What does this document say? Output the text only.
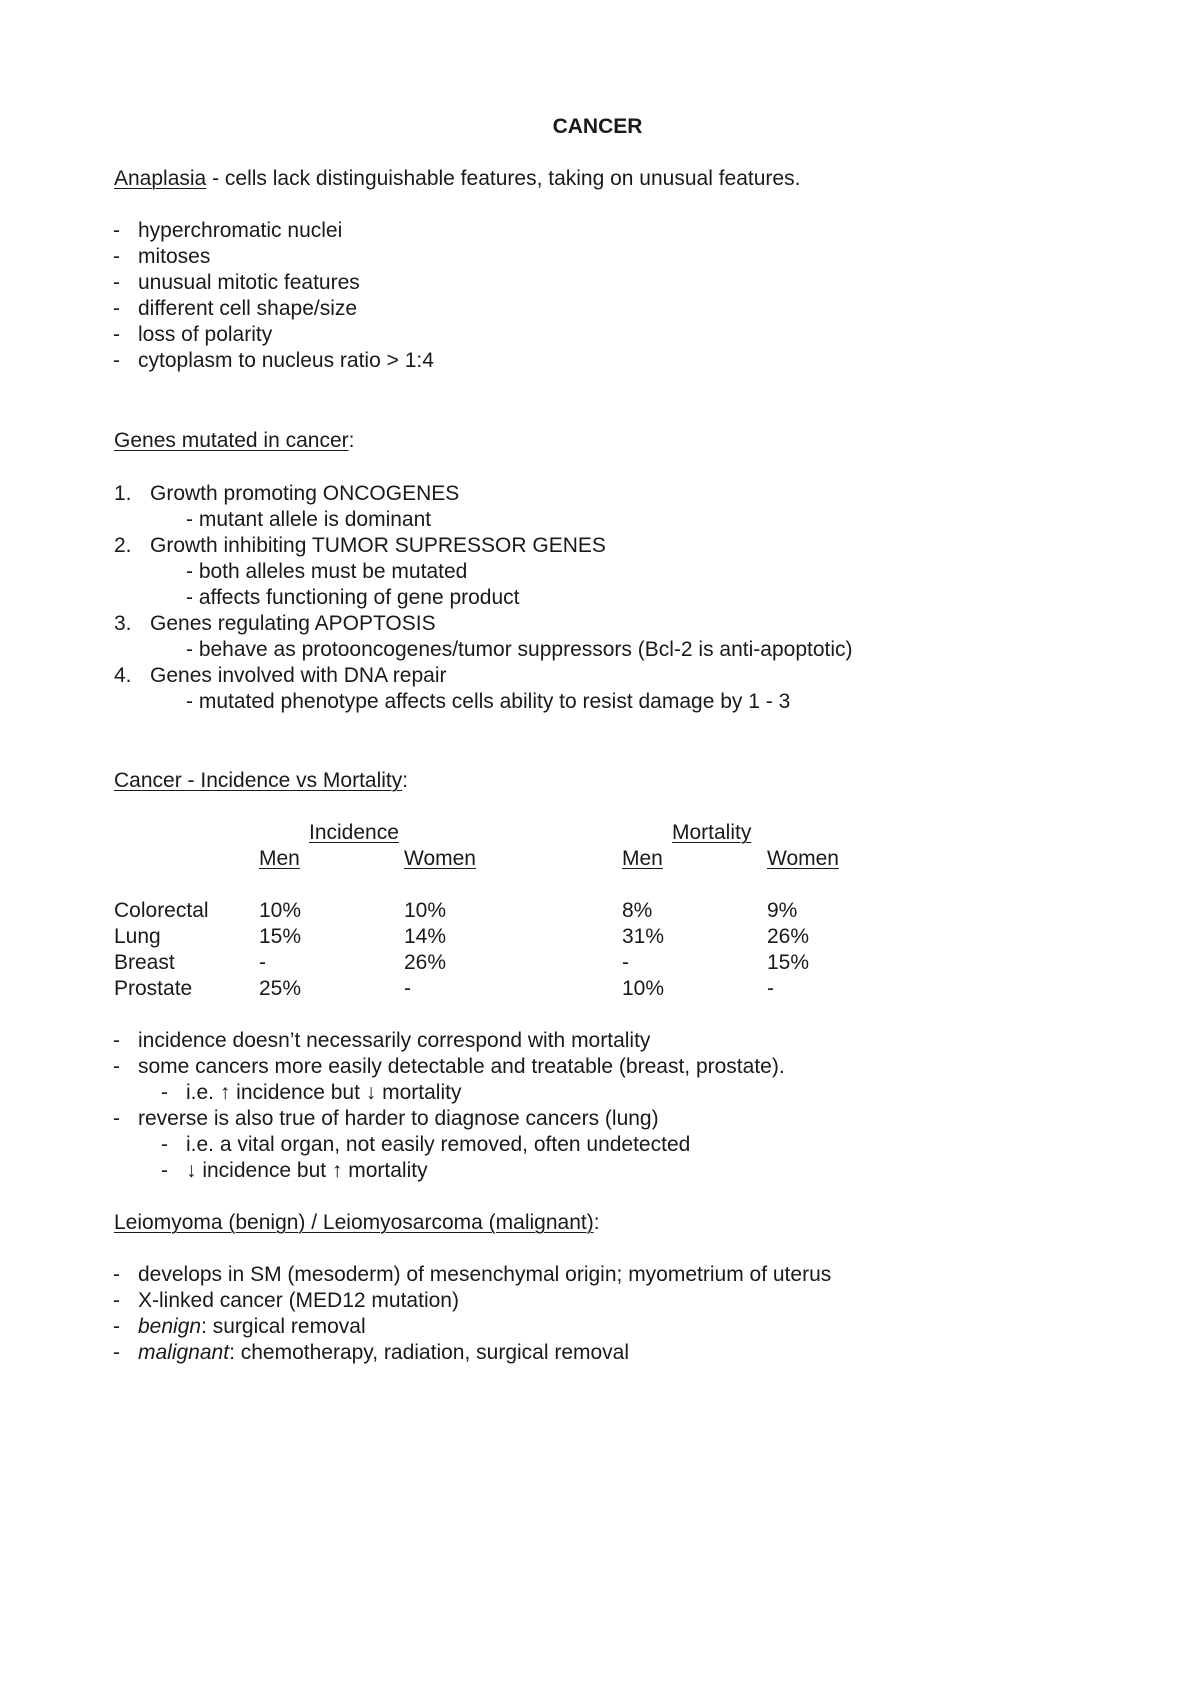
CANCER
Anaplasia - cells lack distinguishable features, taking on unusual features.
- hyperchromatic nuclei
- mitoses
- unusual mitotic features
- different cell shape/size
- loss of polarity
- cytoplasm to nucleus ratio > 1:4
Genes mutated in cancer:
1. Growth promoting ONCOGENES
- mutant allele is dominant
2. Growth inhibiting TUMOR SUPRESSOR GENES
- both alleles must be mutated
- affects functioning of gene product
3. Genes regulating APOPTOSIS
- behave as protooncogenes/tumor suppressors (Bcl-2 is anti-apoptotic)
4. Genes involved with DNA repair
- mutated phenotype affects cells ability to resist damage by 1 - 3
Cancer - Incidence vs Mortality:
Incidence	Mortality
Men	Women	Men	Women
Colorectal 10%	10%	8%	9%
Lung	15%	14%	31%	26%
Breast	-	26%	-	15%
Prostate	25%	-	10%	-
- incidence doesn’t necessarily correspond with mortality
- some cancers more easily detectable and treatable (breast, prostate).
- i.e. ↑ incidence but ↓ mortality
- reverse is also true of harder to diagnose cancers (lung)
- i.e. a vital organ, not easily removed, often undetected
- ↓ incidence but ↑ mortality
Leiomyoma (benign) / Leiomyosarcoma (malignant):
- develops in SM (mesoderm) of mesenchymal origin; myometrium of uterus
- X-linked cancer (MED12 mutation)
- benign: surgical removal
- malignant: chemotherapy, radiation, surgical removal
